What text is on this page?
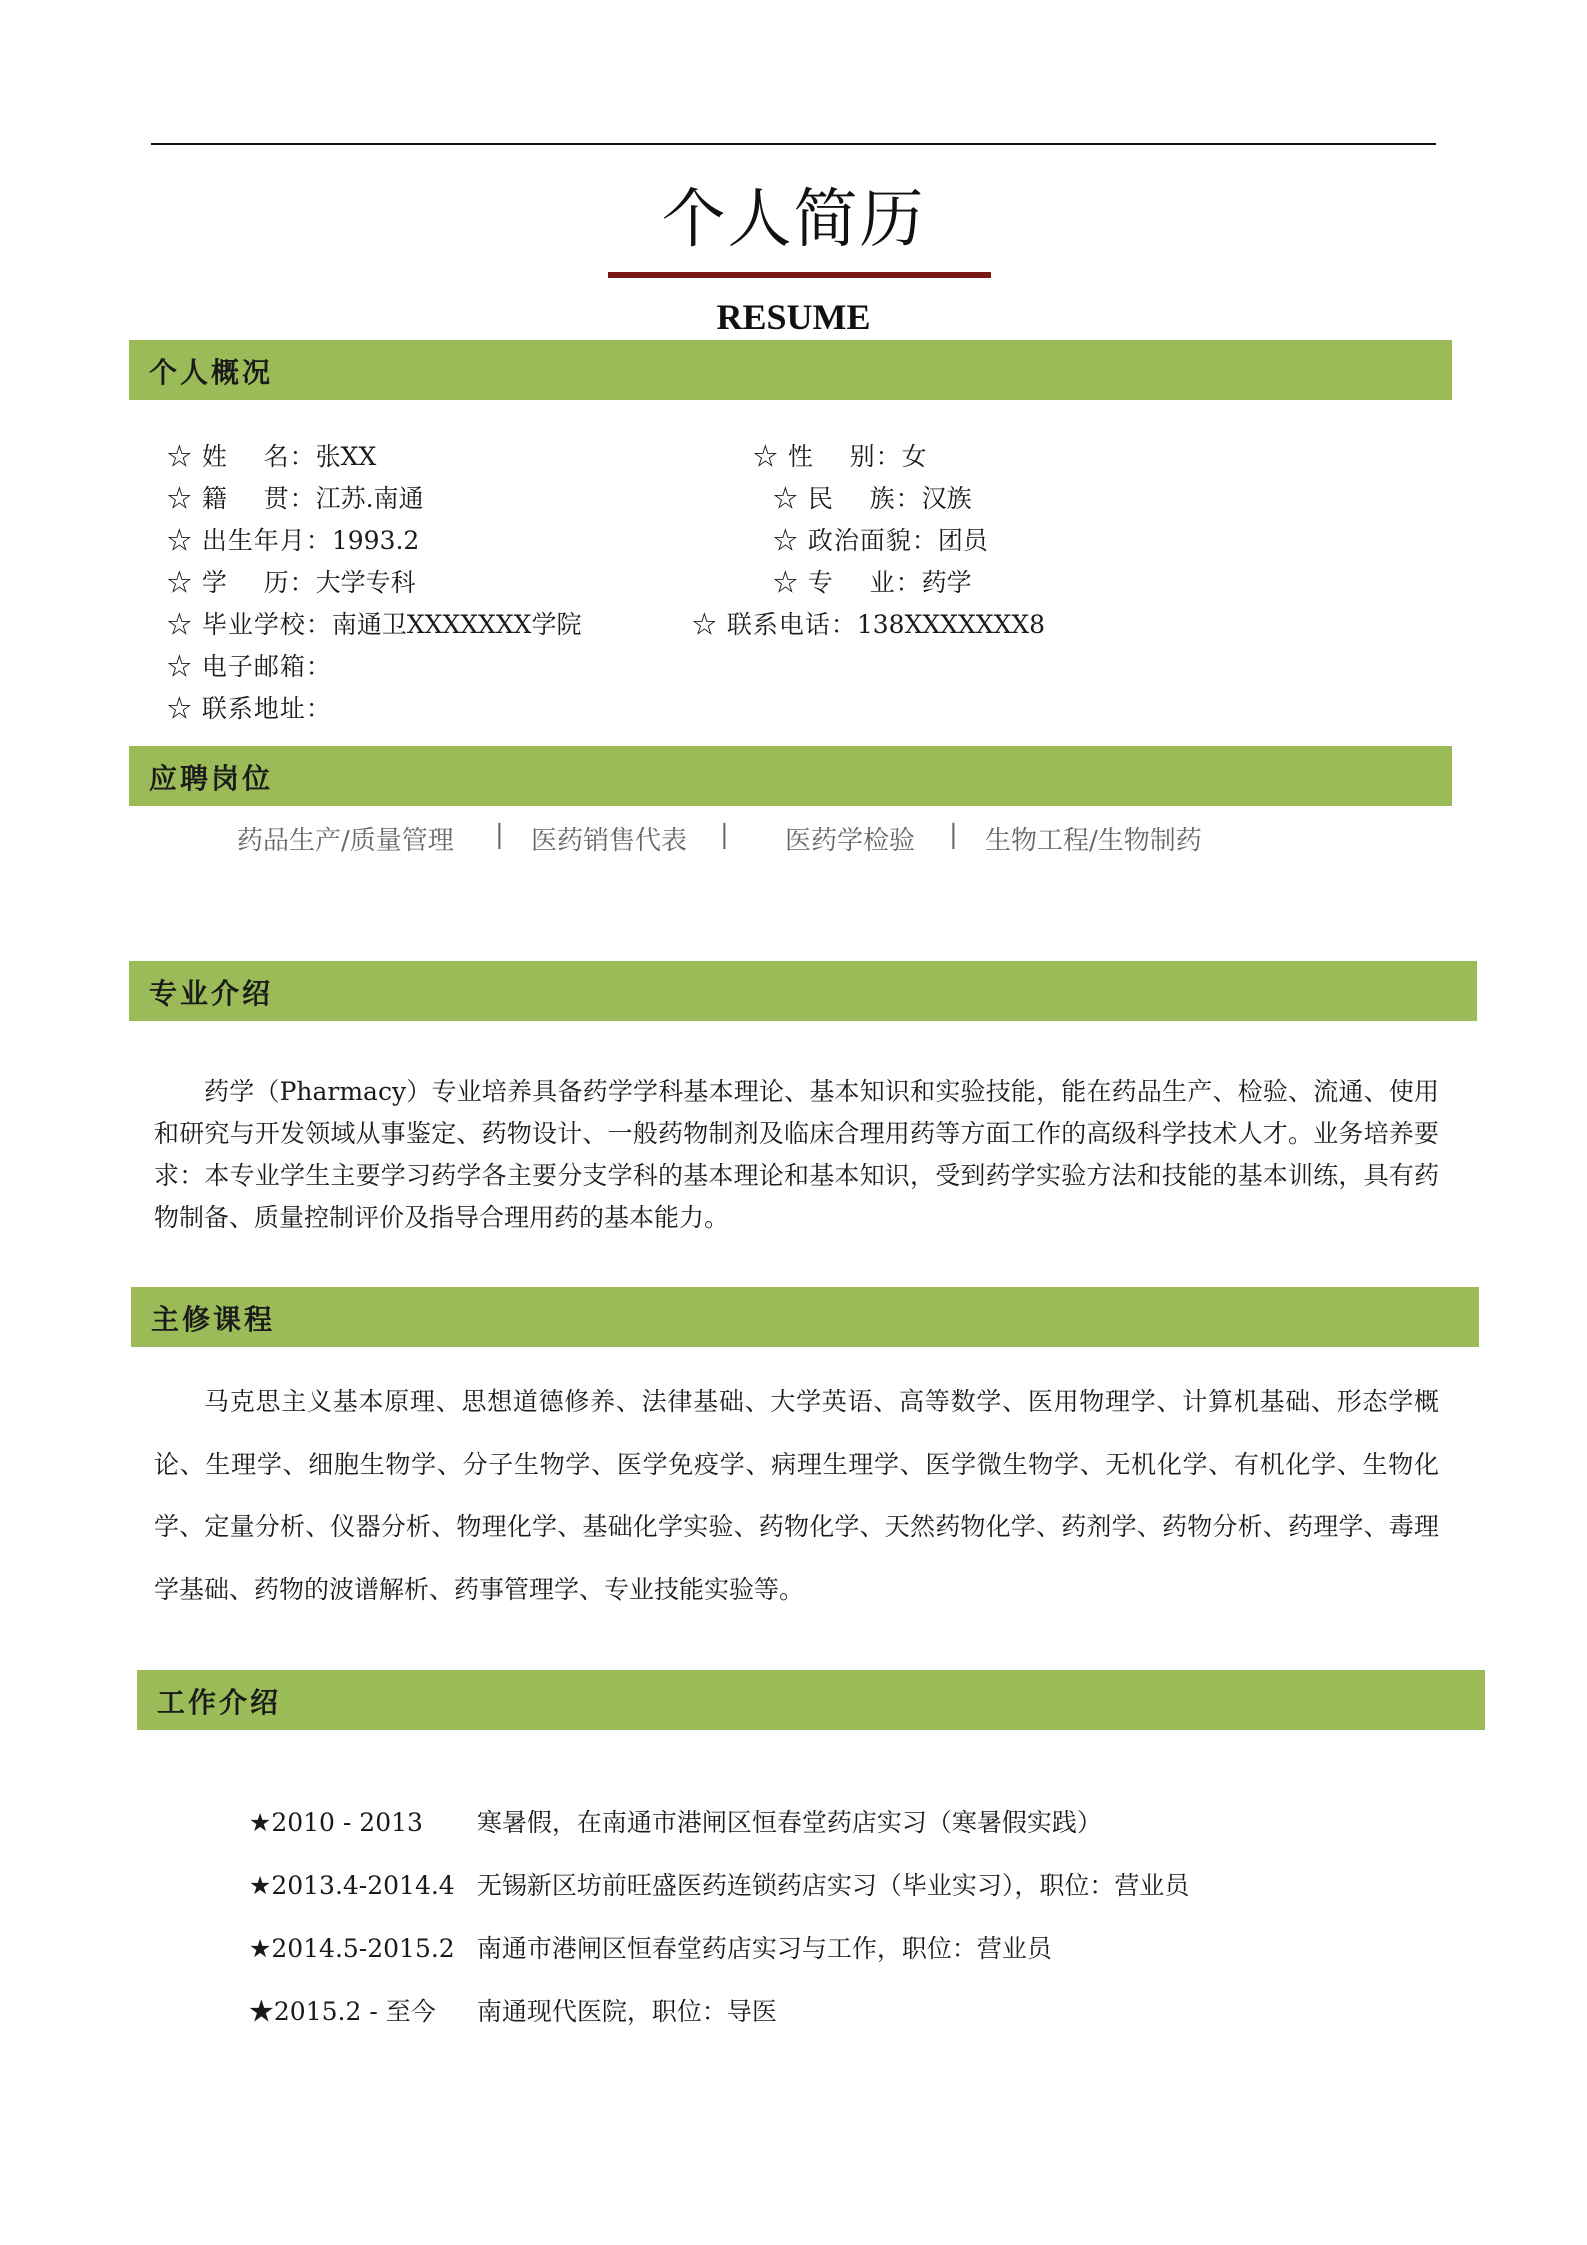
个人简历
RESUME
个人概况

☆ 姓    名：张XX	☆ 性    别：女

☆ 籍    贯：江苏.南通	☆ 民    族：汉族

☆ 出生年月：1993.2	☆ 政治面貌：团员

☆ 学    历：大学专科	☆ 专    业：药学

☆ 毕业学校：南通卫XXXXXXX学院	☆ 联系电话：138XXXXXXX8

☆ 电子邮箱：

☆ 联系地址：

应聘岗位
药品生产/质量管理 | 医药销售代表 | 医药学检验 | 生物工程/生物制药
专业介绍
药学（Pharmacy）专业培养具备药学学科基本理论、基本知识和实验技能，能在药品生产、检验、流通、使用和研究与开发领域从事鉴定、药物设计、一般药物制剂及临床合理用药等方面工作的高级科学技术人才。业务培养要求：本专业学生主要学习药学各主要分支学科的基本理论和基本知识，受到药学实验方法和技能的基本训练，具有药物制备、质量控制评价及指导合理用药的基本能力。
主修课程
马克思主义基本原理、思想道德修养、法律基础、大学英语、高等数学、医用物理学、计算机基础、形态学概论、生理学、细胞生物学、分子生物学、医学免疫学、病理生理学、医学微生物学、无机化学、有机化学、生物化学、定量分析、仪器分析、物理化学、基础化学实验、药物化学、天然药物化学、药剂学、药物分析、药理学、毒理学基础、药物的波谱解析、药事管理学、专业技能实验等。
工作介绍

★2010 - 2013 寒暑假，在南通市港闸区恒春堂药店实习（寒暑假实践）

★2013.4-2014.4 无锡新区坊前旺盛医药连锁药店实习（毕业实习），职位：营业员

★2014.5-2015.2 南通市港闸区恒春堂药店实习与工作，职位：营业员

★2015.2 - 至今 南通现代医院，职位：导医
